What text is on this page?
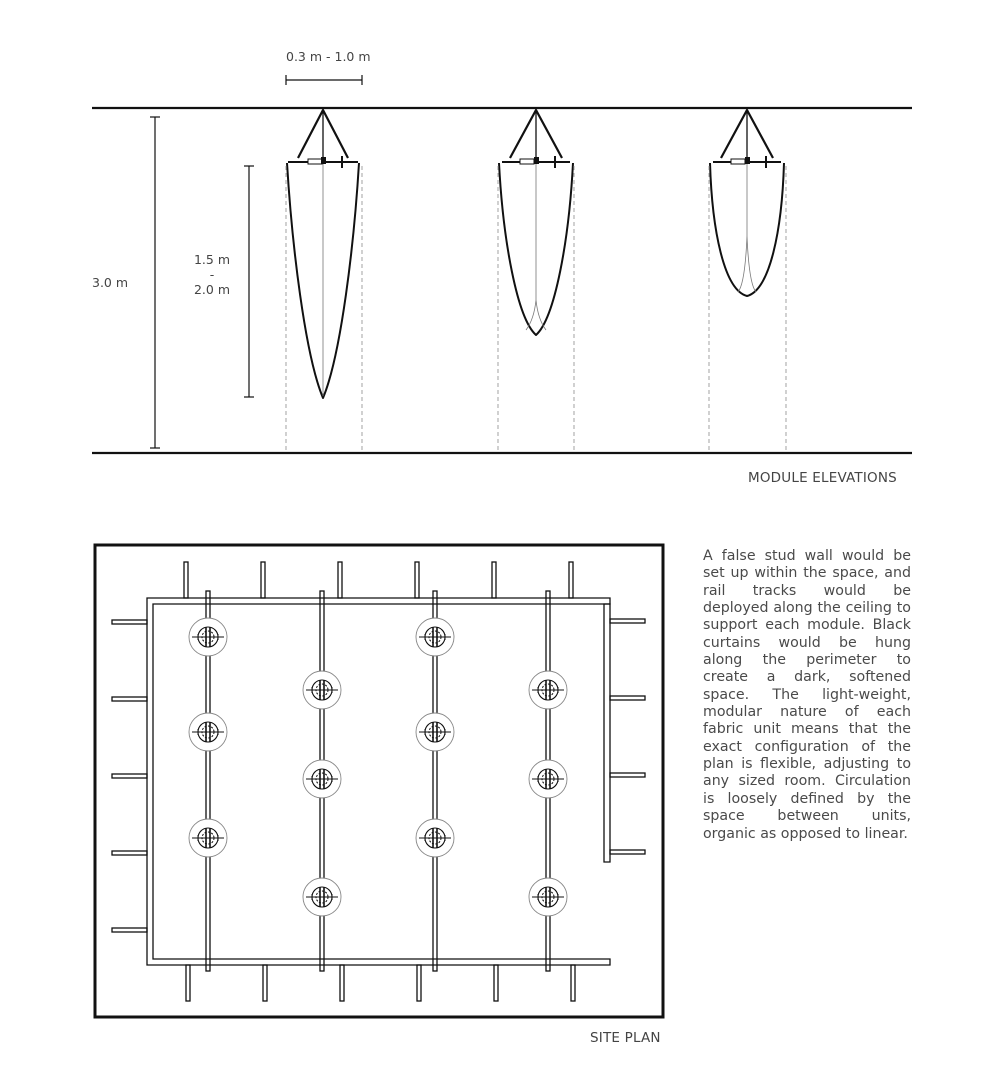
0.3 m - 1.0 m
3.0 m
1.5 m
-
2.0 m
MODULE ELEVATIONS
SITE PLAN
A false stud wall would be set up within the space, and rail tracks would be deployed along the ceiling to support each module. Black curtains would be hung along the perimeter to create a dark, softened space. The light-weight, modular nature of each fabric unit means that the exact configuration of the plan is flexible, adjusting to any sized room. Circulation is loosely defined by the space between units, organic as opposed to linear.
